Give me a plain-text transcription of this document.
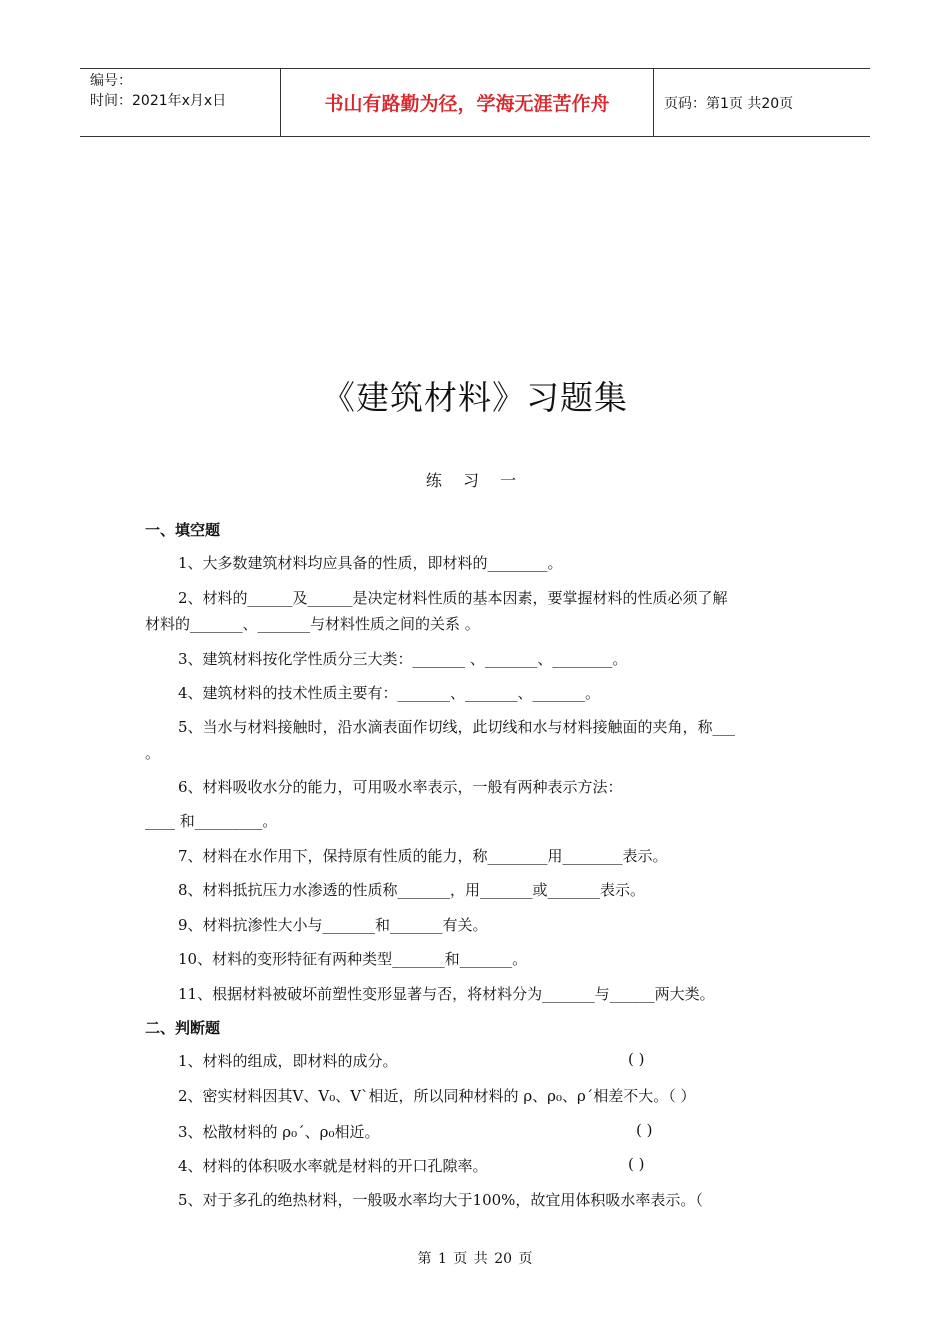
编号：
时间：2021年x月x日	书山有路勤为径，学海无涯苦作舟	页码：第1页 共20页
《建筑材料》习题集
练 习 一
一、填空题
1、大多数建筑材料均应具备的性质，即材料的________。
2、材料的______及______是决定材料性质的基本因素，要掌握材料的性质必须了解
材料的_______、_______与材料性质之间的关系 。
3、建筑材料按化学性质分三大类：_______ 、_______、________。
4、建筑材料的技术性质主要有：_______、_______、_______。
5、当水与材料接触时，沿水滴表面作切线，此切线和水与材料接触面的夹角，称___
。
6、材料吸收水分的能力，可用吸水率表示，一般有两种表示方法：
____ 和_________。
7、材料在水作用下，保持原有性质的能力，称________用________表示。
8、材料抵抗压力水渗透的性质称_______，用_______或_______表示。
9、材料抗渗性大小与_______和_______有关。
10、材料的变形特征有两种类型_______和_______。
11、根据材料被破坏前塑性变形显著与否，将材料分为_______与______两大类。
二、判断题
1、材料的组成，即材料的成分。	( )
2、密实材料因其V、V₀、V`相近，所以同种材料的 ρ、ρ₀、ρ´相差不大。（ ）
3、松散材料的 ρ₀´、ρ₀相近。	( )
4、材料的体积吸水率就是材料的开口孔隙率。	( )
5、对于多孔的绝热材料，一般吸水率均大于100%，故宜用体积吸水率表示。（
第 1 页 共 20 页
